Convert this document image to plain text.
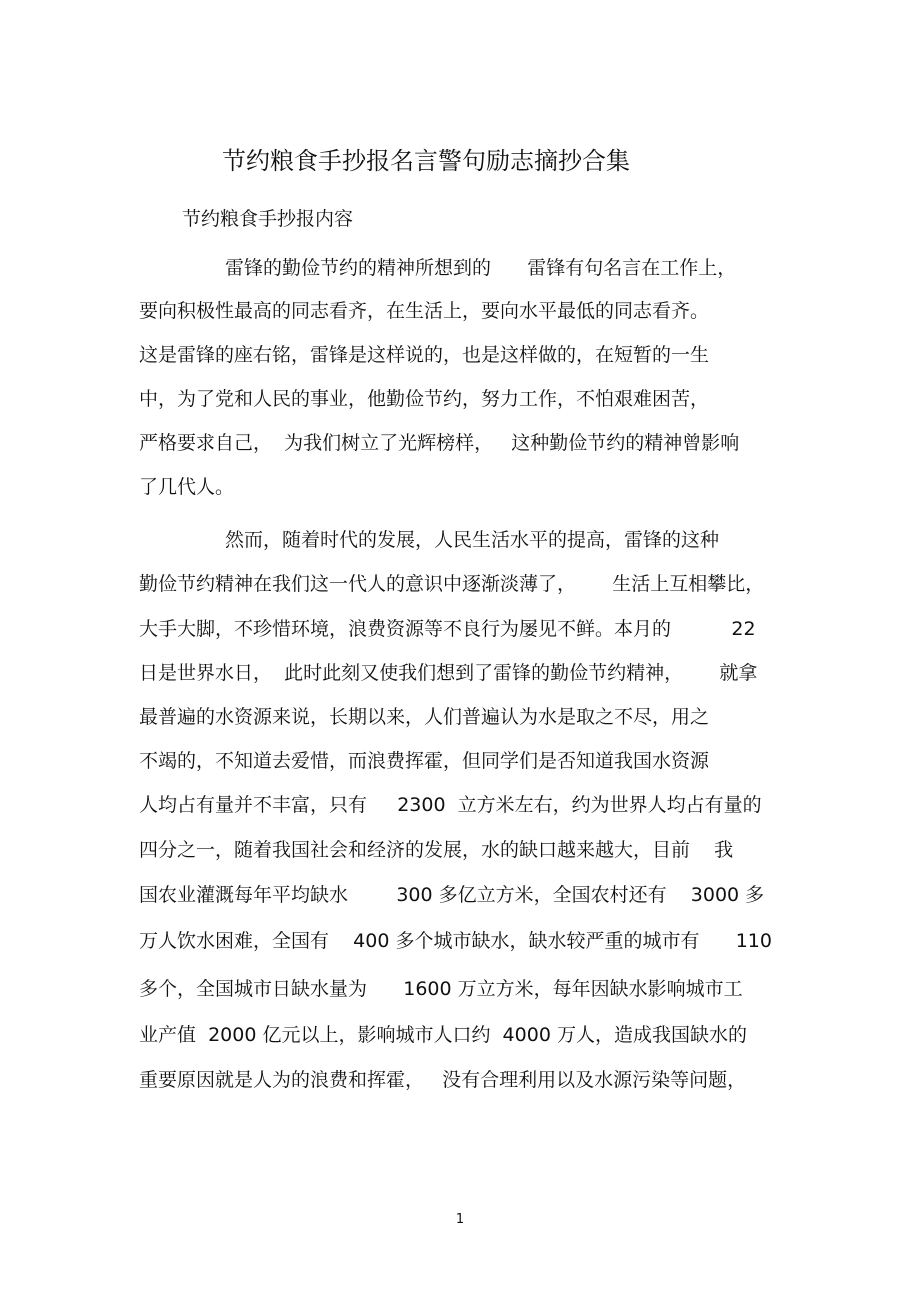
节约粮食手抄报名言警句励志摘抄合集
节约粮食手抄报内容
雷锋的勤俭节约的精神所想到的      雷锋有句名言在工作上，
要向积极性最高的同志看齐，在生活上，要向水平最低的同志看齐。
这是雷锋的座右铭，雷锋是这样说的，也是这样做的，在短暂的一生
中，为了党和人民的事业，他勤俭节约，努力工作，不怕艰难困苦，
严格要求自己，  为我们树立了光辉榜样，   这种勤俭节约的精神曾影响
了几代人。
然而，随着时代的发展，人民生活水平的提高，雷锋的这种
勤俭节约精神在我们这一代人的意识中逐渐淡薄了，      生活上互相攀比，
大手大脚，不珍惜环境，浪费资源等不良行为屡见不鲜。本月的          22
日是世界水日，  此时此刻又使我们想到了雷锋的勤俭节约精神，      就拿
最普遍的水资源来说，长期以来，人们普遍认为水是取之不尽，用之
不竭的，不知道去爱惜，而浪费挥霍，但同学们是否知道我国水资源
人均占有量并不丰富，只有     2300  立方米左右，约为世界人均占有量的
四分之一，随着我国社会和经济的发展，水的缺口越来越大，目前    我
国农业灌溉每年平均缺水        300 多亿立方米，全国农村还有    3000 多
万人饮水困难，全国有    400 多个城市缺水，缺水较严重的城市有      110
多个，全国城市日缺水量为      1600 万立方米，每年因缺水影响城市工
业产值  2000 亿元以上，影响城市人口约  4000 万人，造成我国缺水的
重要原因就是人为的浪费和挥霍，   没有合理利用以及水源污染等问题，
1
